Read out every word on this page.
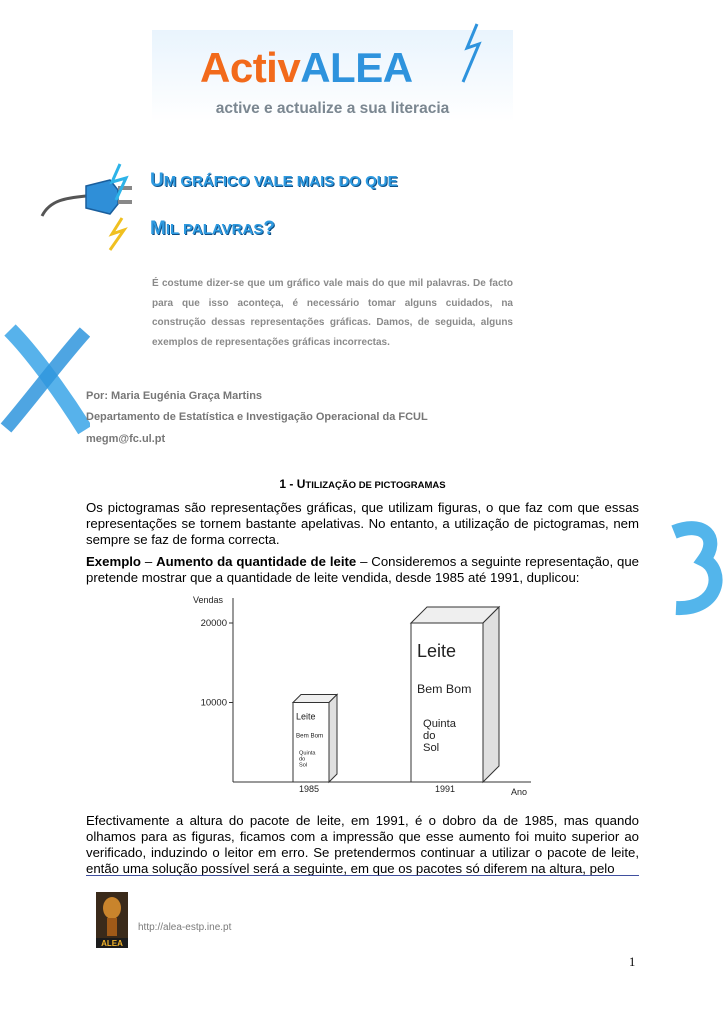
ActivALEA
active e actualize a sua literacia
UM GRÁFICO VALE MAIS DO QUE
MIL PALAVRAS?
É costume dizer-se que um gráfico vale mais do que mil palavras. De facto para que isso aconteça, é necessário tomar alguns cuidados, na construção dessas representações gráficas. Damos, de seguida, alguns exemplos de representações gráficas incorrectas.
Por: Maria Eugénia Graça Martins
Departamento de Estatística e Investigação Operacional da FCUL
megm@fc.ul.pt
1 - UTILIZAÇÃO DE PICTOGRAMAS
Os pictogramas são representações gráficas, que utilizam figuras, o que faz com que essas representações se tornem bastante apelativas. No entanto, a utilização de pictogramas, nem sempre se faz de forma correcta.
Exemplo – Aumento da quantidade de leite – Consideremos a seguinte representação, que pretende mostrar que a quantidade de leite vendida, desde 1985 até 1991, duplicou:
Vendas
Ano
10000
20000
Leite
Bem Bom
Quinta
do
Sol
1985
Leite
Bem Bom
Quinta
do
Sol
1991
Efectivamente a altura do pacote de leite, em 1991, é o dobro da de 1985, mas quando olhamos para as figuras, ficamos com a impressão que esse aumento foi muito superior ao verificado, induzindo o leitor em erro. Se pretendermos continuar a utilizar o pacote de leite, então uma solução possível será a seguinte, em que os pacotes só diferem na altura, pelo
ALEA
http://alea-estp.ine.pt
1
